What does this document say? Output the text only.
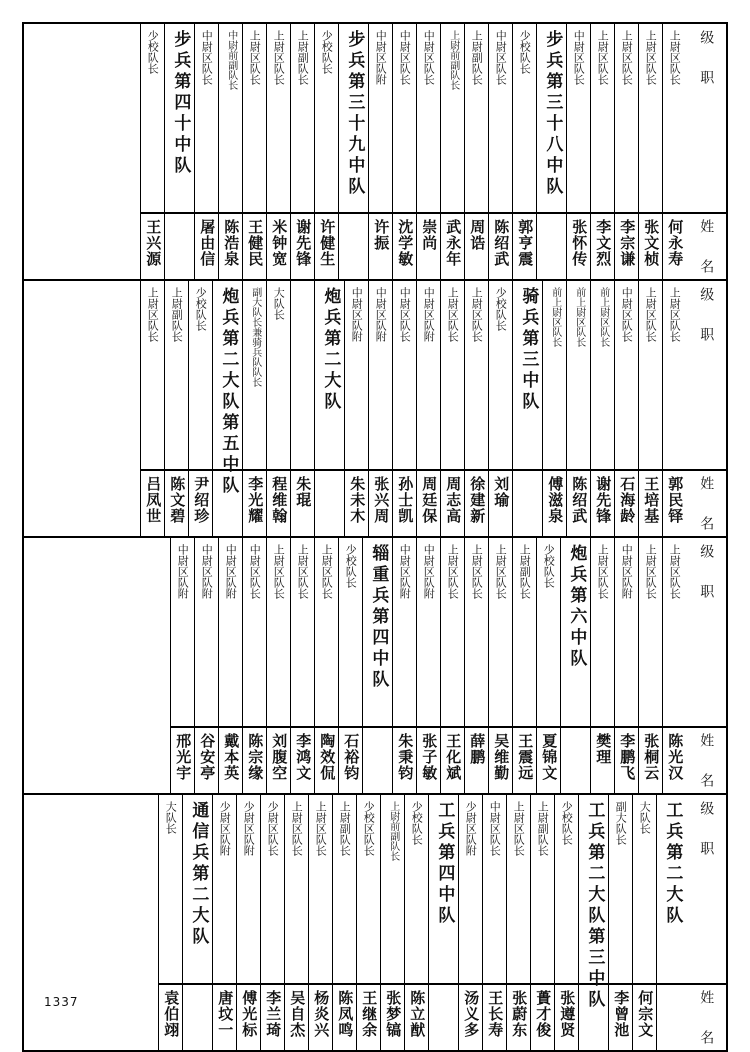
级 职
姓 名
上尉区队长
何永寿
上尉区队长
张文桢
上尉区队长
李宗谦
上尉区队长
李文烈
中尉区队长
张怀传
步兵第三十八中队
少校队长
郭亨震
中尉区队长
陈绍武
上尉副队长
周诰
上尉前副队长
武永年
中尉区队长
崇尚
中尉区队长
沈学敏
中尉区队附
许振
步兵第三十九中队
少校队长
许健生
上尉副队长
谢先锋
上尉区队长
米钟宽
上尉区队长
王健民
中尉前副队长
陈浩泉
中尉区队长
屠由信
步兵第四十中队
少校队长
王兴源
级 职
姓 名
上尉区队长
郭民铎
上尉区队长
王培基
中尉区队长
石海龄
前上尉区队长
谢先锋
前上尉区队长
陈绍武
前上尉区队长
傅滋泉
骑兵第三中队
少校队长
刘瑜
上尉区队长
徐建新
上尉区队长
周志高
中尉区队附
周廷保
中尉区队长
孙士凯
中尉区队附
张兴周
中尉区队附
朱未木
炮兵第二大队
朱琨
大队长
程维翰
副大队长兼骑兵队队长
李光耀
炮兵第二大队第五中队
少校队长
尹绍珍
上尉副队长
陈文碧
上尉区队长
吕凤世
级 职
姓 名
上尉区队长
陈光汉
上尉区队长
张桐云
中尉区队附
李鹏飞
上尉区队长
樊理
炮兵第六中队
少校队长
夏锦文
上尉副队长
王震远
上尉区队长
吴维勤
上尉区队长
薛鹏
上尉区队长
王化斌
中尉区队附
张子敏
中尉区队附
朱秉钧
辎重兵第四中队
少校队长
石裕钧
上尉区队长
陶效侃
上尉区队长
李鸿文
上尉区队长
刘腹空
中尉区队长
陈宗缘
中尉区队附
戴本英
中尉区队附
谷安亭
中尉区队附
邢光宇
级 职
姓 名
工兵第二大队
大队长
何宗文
副大队长
李曾池
工兵第二大队第三中队
少校队长
张遵贤
上尉副队长
蕢才俊
上尉区队长
张蔚东
中尉区队长
王长寿
少尉区队附
汤义多
工兵第四中队
少校队长
陈立猷
上尉前副队长
张梦镐
少校区队长
王继余
上尉副队长
陈凤鸣
上尉区队长
杨炎兴
上尉区队长
吴自杰
少尉区队长
李兰琦
少尉区队附
傅光标
少尉区队附
唐坟一
通信兵第二大队
大队长
袁伯翊
1337
